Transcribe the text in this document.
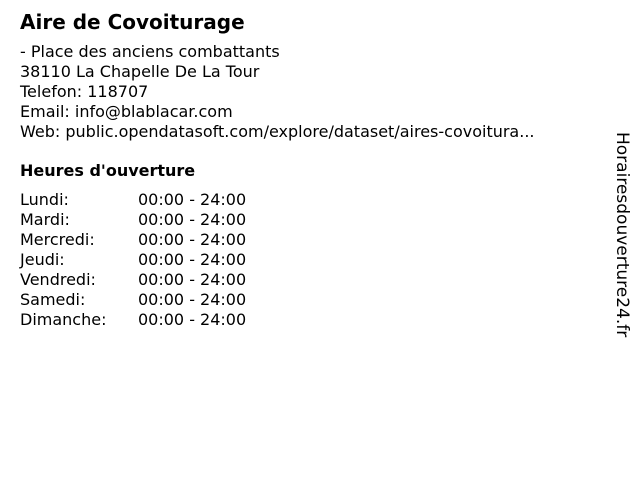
Aire de Covoiturage
- Place des anciens combattants
38110 La Chapelle De La Tour
Telefon: 118707
Email: info@blablacar.com
Web: public.opendatasoft.com/explore/dataset/aires-covoitura...
Heures d'ouverture
Lundi:	00:00 - 24:00
Mardi:	00:00 - 24:00
Mercredi:	00:00 - 24:00
Jeudi:	00:00 - 24:00
Vendredi:	00:00 - 24:00
Samedi:	00:00 - 24:00
Dimanche:	00:00 - 24:00	Horairesdouverture24.fr
